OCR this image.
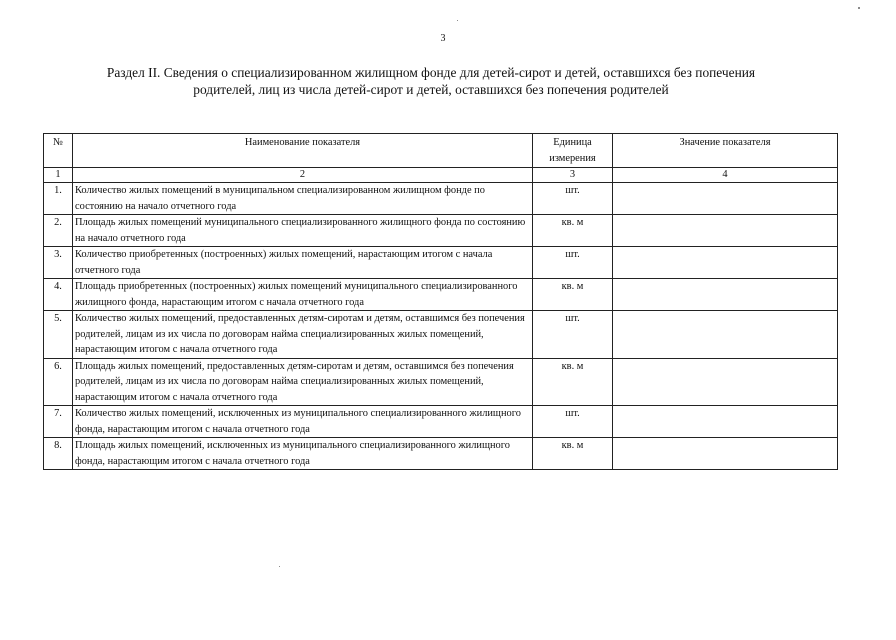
3
Раздел II. Сведения о специализированном жилищном фонде для детей-сирот и детей, оставшихся без попечения
родителей, лиц из числа детей-сирот и детей, оставшихся без попечения родителей
№	Наименование показателя	Единица измерения	Значение показателя
1	2	3	4
1.	Количество жилых помещений в муниципальном специализированном жилищном фонде по состоянию на начало отчетного года	шт.	
2.	Площадь жилых помещений муниципального специализированного жилищного фонда по состоянию на начало отчетного года	кв. м	
3.	Количество приобретенных (построенных) жилых помещений, нарастающим итогом с начала отчетного года	шт.	
4.	Площадь приобретенных (построенных) жилых помещений муниципального специализированного жилищного фонда, нарастающим итогом с начала отчетного года	кв. м	
5.	Количество жилых помещений, предоставленных детям-сиротам и детям, оставшимся без попечения родителей, лицам из их числа по договорам найма специализированных жилых помещений, нарастающим итогом с начала отчетного года	шт.	
6.	Площадь жилых помещений, предоставленных детям-сиротам и детям, оставшимся без попечения родителей, лицам из их числа по договорам найма специализированных жилых помещений, нарастающим итогом с начала отчетного года	кв. м	
7.	Количество жилых помещений, исключенных из муниципального специализированного жилищного фонда, нарастающим итогом с начала отчетного года	шт.	
8.	Площадь жилых помещений, исключенных из муниципального специализированного жилищного фонда, нарастающим итогом с начала отчетного года	кв. м	
